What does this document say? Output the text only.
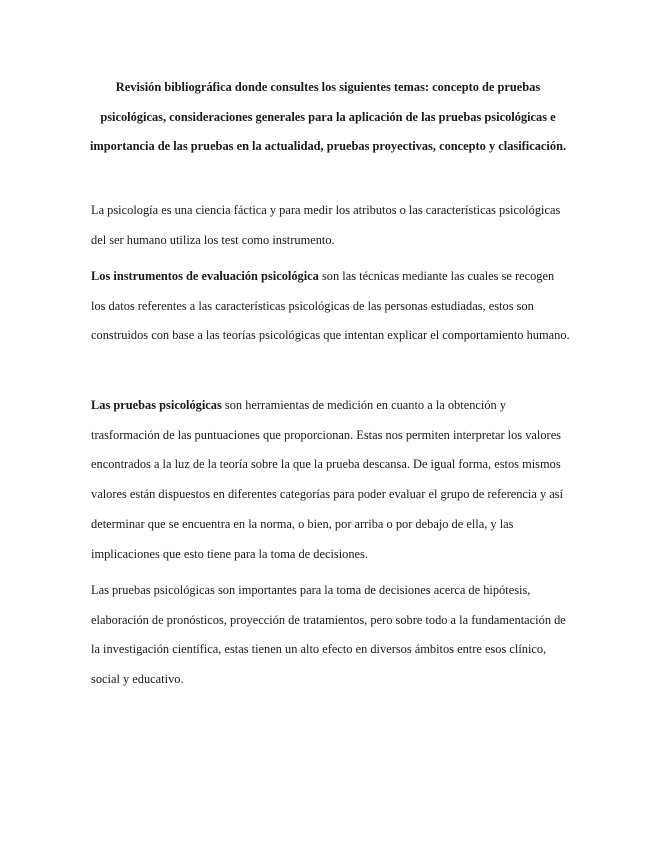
Revisión bibliográfica donde consultes los siguientes temas: concepto de pruebas psicológicas, consideraciones generales para la aplicación de las pruebas psicológicas e importancia de las pruebas en la actualidad, pruebas proyectivas, concepto y clasificación.

La psicología es una ciencia fáctica y para medir los atributos o las características psicológicas del ser humano utiliza los test como instrumento.

Los instrumentos de evaluación psicológica son las técnicas mediante las cuales se recogen los datos referentes a las características psicológicas de las personas estudiadas, estos son construidos con base a las teorías psicológicas que intentan explicar el comportamiento humano.

Las pruebas psicológicas son herramientas de medición en cuanto a la obtención y trasformación de las puntuaciones que proporcionan. Estas nos permiten interpretar los valores encontrados a la luz de la teoría sobre la que la prueba descansa. De igual forma, estos mismos valores están dispuestos en diferentes categorías para poder evaluar el grupo de referencia y así determinar que se encuentra en la norma, o bien, por arriba o por debajo de ella, y las implicaciones que esto tiene para la toma de decisiones.

Las pruebas psicológicas son importantes para la toma de decisiones acerca de hipótesis, elaboración de pronósticos, proyección de tratamientos, pero sobre todo a la fundamentación de la investigación científica, estas tienen un alto efecto en diversos ámbitos entre esos clínico, social y educativo.
